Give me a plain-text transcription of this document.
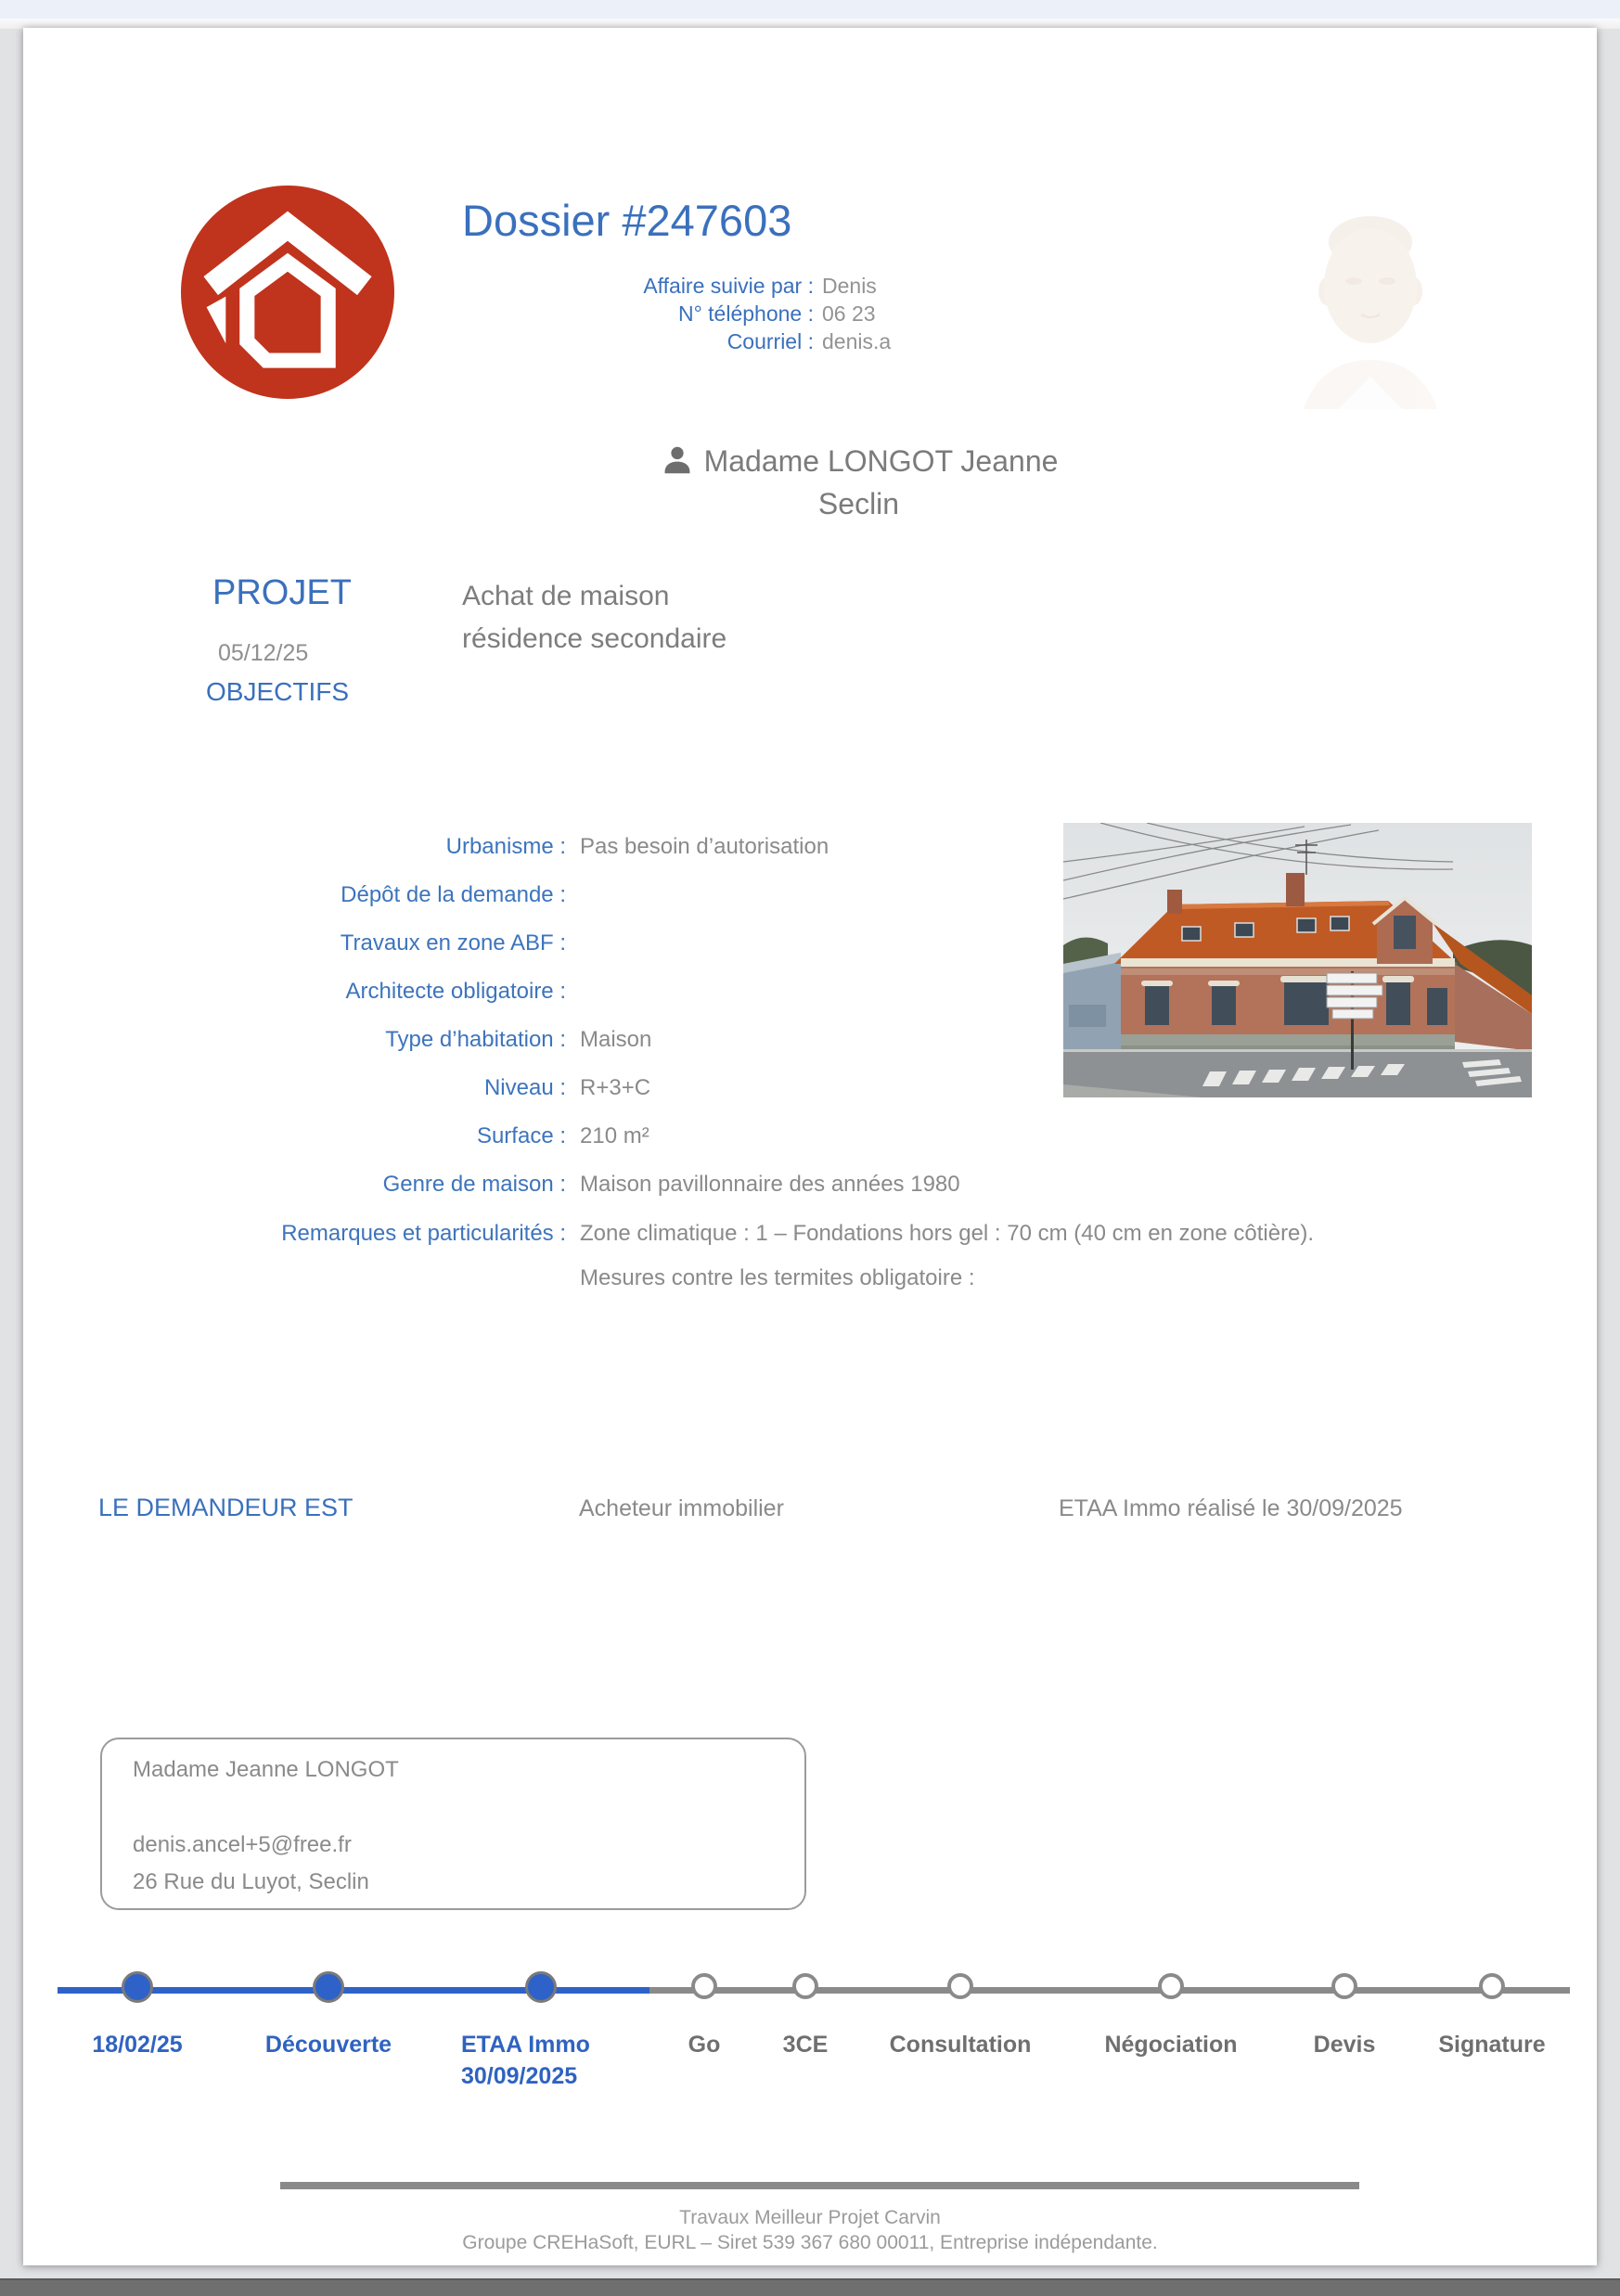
Dossier #247603
Affaire suivie par : Denis
N° téléphone : 06 23
Courriel : denis.a
Madame LONGOT Jeanne
Seclin
PROJET
05/12/25
Achat de maison
résidence secondaire
OBJECTIFS
Urbanisme : Pas besoin d’autorisation
Dépôt de la demande :
Travaux en zone ABF :
Architecte obligatoire :
Type d’habitation : Maison
Niveau : R+3+C
Surface : 210 m²
Genre de maison : Maison pavillonnaire des années 1980
Remarques et particularités : Zone climatique : 1 – Fondations hors gel : 70 cm (40 cm en zone côtière).
Mesures contre les termites obligatoire :
LE DEMANDEUR EST	Acheteur immobilier	ETAA Immo réalisé le 30/09/2025
Madame Jeanne LONGOT
denis.ancel+5@free.fr
26 Rue du Luyot, Seclin
18/02/25	Découverte	ETAA Immo
30/09/2025
Go	3CE	Consultation	Négociation	Devis	Signature
Travaux Meilleur Projet Carvin
Groupe CREHaSoft, EURL – Siret 539 367 680 00011, Entreprise indépendante.
